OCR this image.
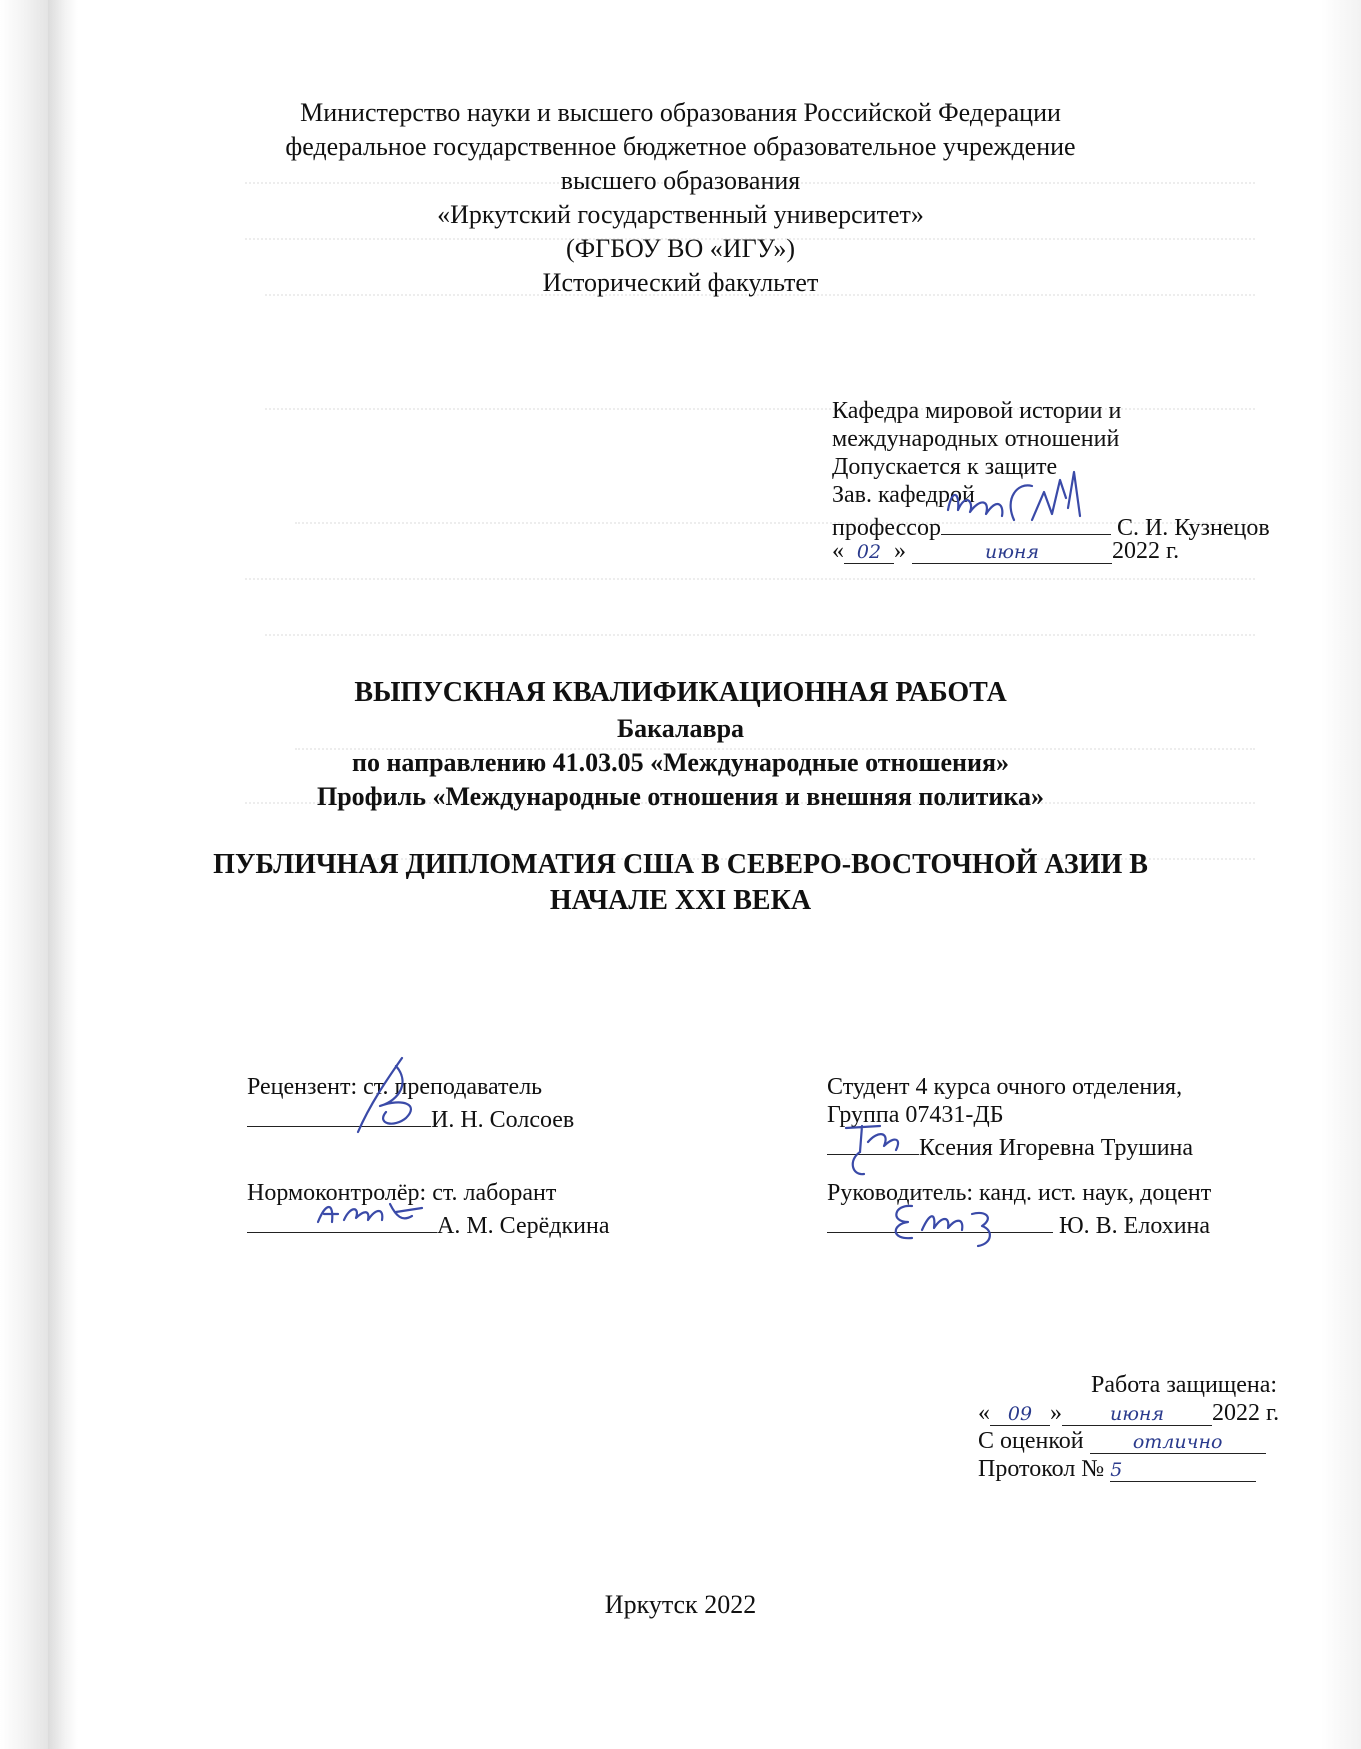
Министерство науки и высшего образования Российской Федерации
федеральное государственное бюджетное образовательное учреждение
высшего образования
«Иркутский государственный университет»
(ФГБОУ ВО «ИГУ»)
Исторический факультет
Кафедра мировой истории и
международных отношений
Допускается к защите
Зав. кафедрой
профессор	С. И. Кузнецов
« 02 »	июня	2022 г.
ВЫПУСКНАЯ КВАЛИФИКАЦИОННАЯ РАБОТА
Бакалавра
по направлению 41.03.05 «Международные отношения»
Профиль «Международные отношения и внешняя политика»
ПУБЛИЧНАЯ ДИПЛОМАТИЯ США В СЕВЕРО-ВОСТОЧНОЙ АЗИИ В
НАЧАЛЕ XXI ВЕКА
Рецензент: ст. преподаватель
И. Н. Солсоев
Нормоконтролёр: ст. лаборант
А. М. Серёдкина
Студент 4 курса очного отделения,
Группа 07431-ДБ
Ксения Игоревна Трушина
Руководитель: канд. ист. наук, доцент
Ю. В. Елохина
Работа защищена:
« 09 »	июня 2022 г.
С оценкой	отлично
Протокол № 5
Иркутск 2022
